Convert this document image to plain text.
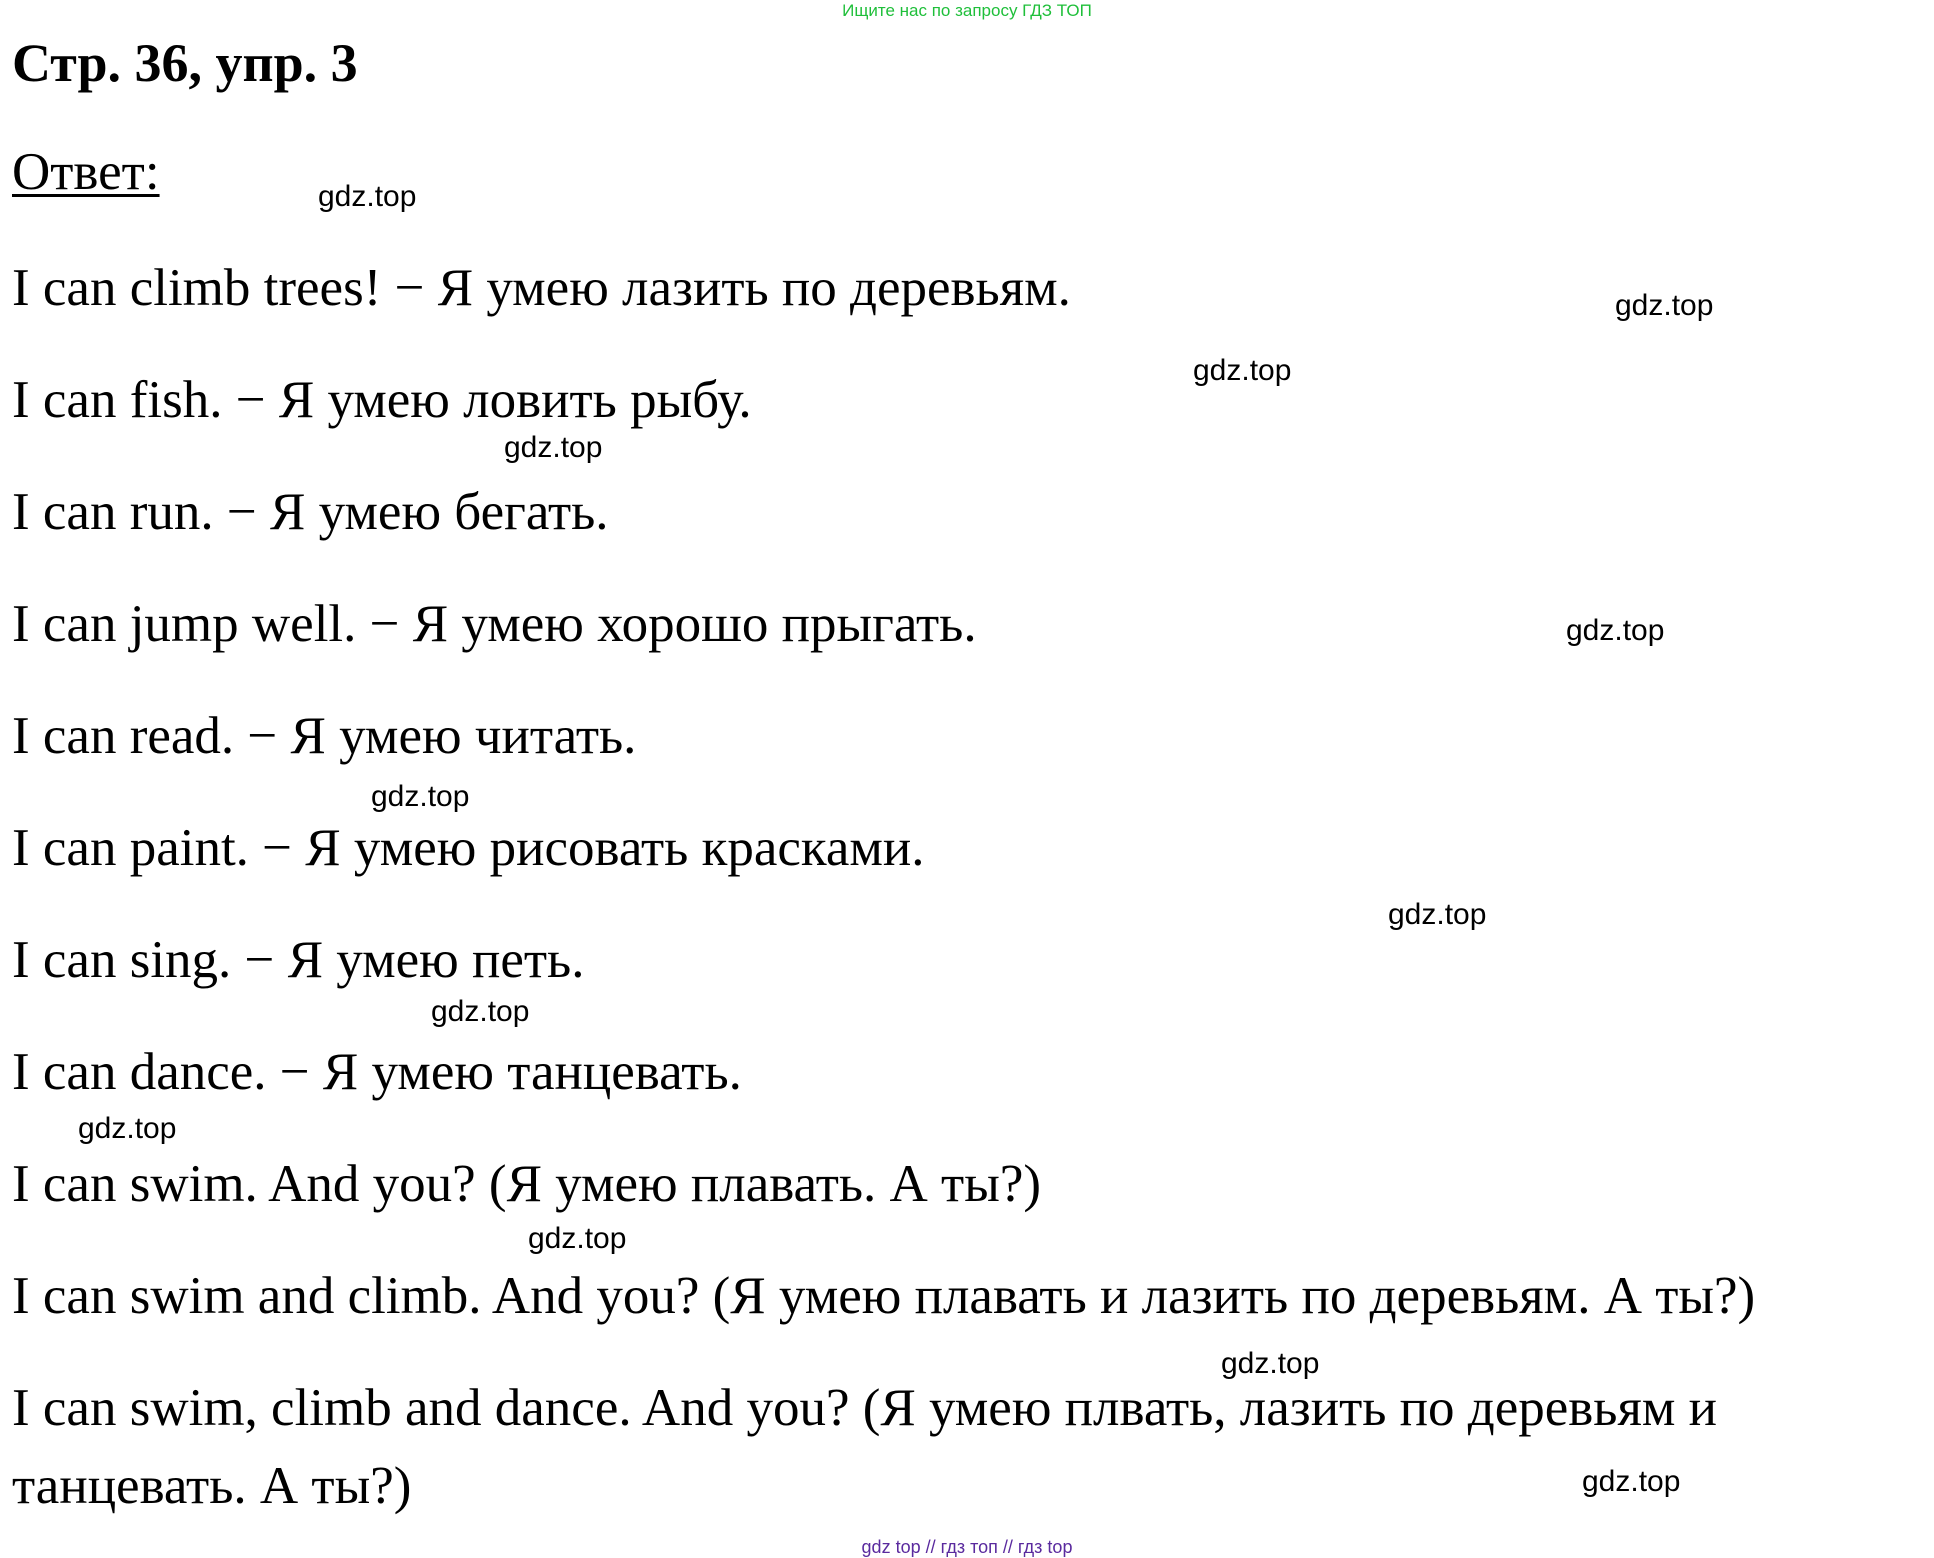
Ищите нас по запросу ГДЗ ТОП
Стр. 36, упр. 3
Ответ:
I can climb trees! − Я умею лазить по деревьям.
I can fish. − Я умею ловить рыбу.
I can run. − Я умею бегать.
I can jump well. − Я умею хорошо прыгать.
I can read. − Я умею читать.
I can paint. − Я умею рисовать красками.
I can sing. − Я умею петь.
I can dance. − Я умею танцевать.
I can swim. And you? (Я умею плавать. А ты?)
I can swim and climb. And you? (Я умею плавать и лазить по деревьям. А ты?)
I can swim, climb and dance. And you? (Я умею плвать, лазить по деревьям и
танцевать. А ты?)
gdz.top
gdz.top
gdz.top
gdz.top
gdz.top
gdz.top
gdz.top
gdz.top
gdz.top
gdz.top
gdz.top
gdz.top
gdz top // гдз топ // гдз top
